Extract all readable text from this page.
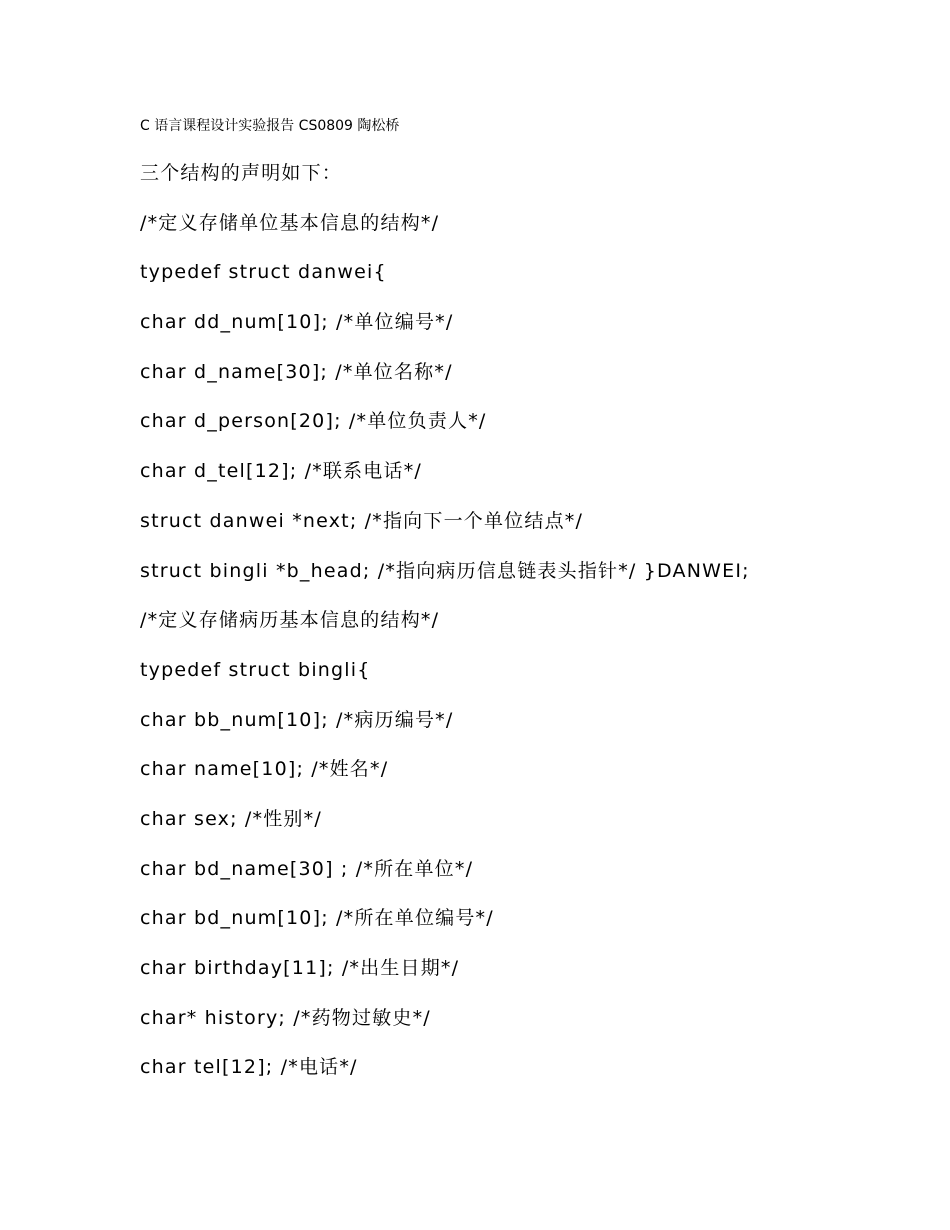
C 语言课程设计实验报告 CS0809 陶松桥
三个结构的声明如下：
/*定义存储单位基本信息的结构*/
typedef struct danwei{
char dd_num[10]; /*单位编号*/
char d_name[30]; /*单位名称*/
char d_person[20]; /*单位负责人*/
char d_tel[12]; /*联系电话*/
struct danwei *next; /*指向下一个单位结点*/
struct bingli *b_head; /*指向病历信息链表头指针*/ }DANWEI;
/*定义存储病历基本信息的结构*/
typedef struct bingli{
char bb_num[10]; /*病历编号*/
char name[10]; /*姓名*/
char sex; /*性别*/
char bd_name[30] ; /*所在单位*/
char bd_num[10]; /*所在单位编号*/
char birthday[11]; /*出生日期*/
char* history; /*药物过敏史*/
char tel[12]; /*电话*/
